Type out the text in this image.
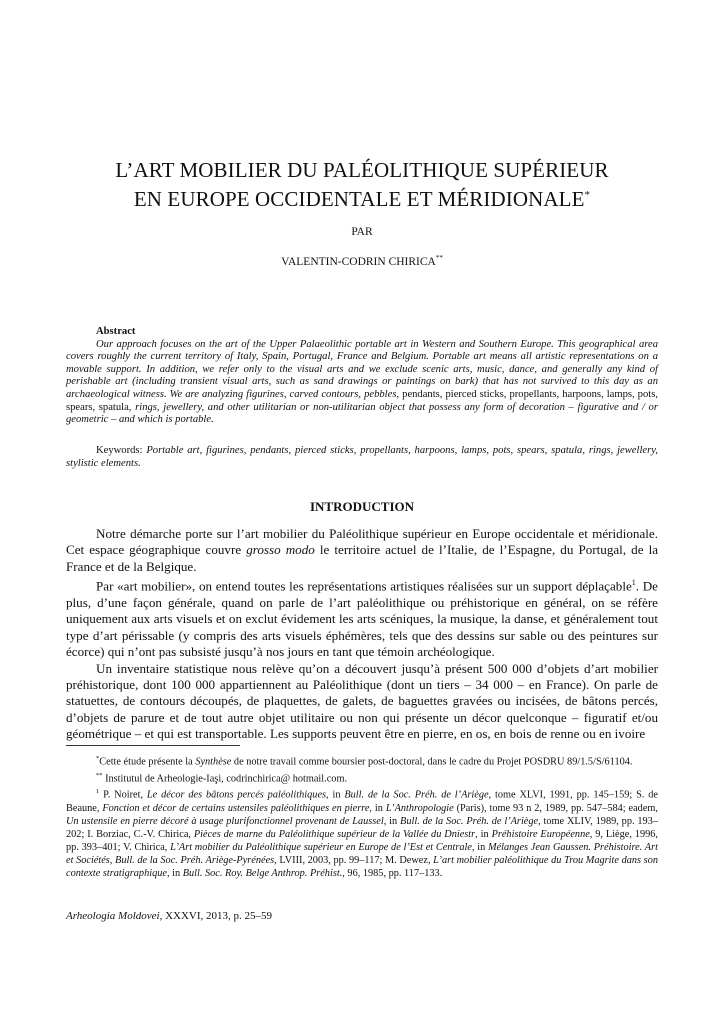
L’ART MOBILIER DU PALÉOLITHIQUE SUPÉRIEUR
EN EUROPE OCCIDENTALE ET MÉRIDIONALE*
PAR
VALENTIN-CODRIN CHIRICA**
Abstract

Our approach focuses on the art of the Upper Palaeolithic portable art in Western and Southern Europe. This geographical area covers roughly the current territory of Italy, Spain, Portugal, France and Belgium. Portable art means all artistic representations on a movable support. In addition, we refer only to the visual arts and we exclude scenic arts, music, dance, and generally any kind of perishable art (including transient visual arts, such as sand drawings or paintings on bark) that has not survived to this day as an archaeological witness. We are analyzing figurines, carved contours, pebbles, pendants, pierced sticks, propellants, harpoons, lamps, pots, spears, spatula, rings, jewellery, and other utilitarian or non-utilitarian object that possess any form of decoration – figurative and / or geometric – and which is portable.

Keywords: Portable art, figurines, pendants, pierced sticks, propellants, harpoons, lamps, pots, spears, spatula, rings, jewellery, stylistic elements.

INTRODUCTION

Notre démarche porte sur l’art mobilier du Paléolithique supérieur en Europe occidentale et méridionale. Cet espace géographique couvre grosso modo le territoire actuel de l’Italie, de l’Espagne, du Portugal, de la France et de la Belgique.

Par «art mobilier», on entend toutes les représentations artistiques réalisées sur un support déplaçable$^1$. De plus, d’une façon générale, quand on parle de l’art paléolithique ou préhistorique en général, on se réfère uniquement aux arts visuels et on exclut évidement les arts scéniques, la musique, la danse, et généralement tout type d’art périssable (y compris des arts visuels éphémères, tels que des dessins sur sable ou des peintures sur écorce) qui n’ont pas subsisté jusqu’à nos jours en tant que témoin archéologique.

Un inventaire statistique nous relève qu’on a découvert jusqu’à présent 500 000 d’objets d’art mobilier préhistorique, dont 100 000 appartiennent au Paléolithique (dont un tiers – 34 000 – en France). On parle de statuettes, de contours découpés, de plaquettes, de galets, de baguettes gravées ou incisées, de bâtons percés, d’objets de parure et de tout autre objet utilitaire ou non qui présente un décor quelconque – figuratif et/ou géométrique – et qui est transportable. Les supports peuvent être en pierre, en os, en bois de renne ou en ivoire

*Cette étude présente la Synthèse de notre travail comme boursier post-doctoral, dans le cadre du Projet POSDRU 89/1.5/S/61104.

** Institutul de Arheologie-Iaşi, codrinchirica@ hotmail.com.

$^1$ P. Noiret, Le décor des bâtons percés paléolithiques, in Bull. de la Soc. Préh. de l’Ariège, tome XLVI, 1991, pp. 145–159; S. de Beaune, Fonction et décor de certains ustensiles paléolithiques en pierre, in L’Anthropologie (Paris), tome 93 n 2, 1989, pp. 547–584; eadem, Un ustensile en pierre décoré à usage plurifonctionnel provenant de Laussel, in Bull. de la Soc. Préh. de l’Ariège, tome XLIV, 1989, pp. 193–202; I. Borziac, C.-V. Chirica, Pièces de marne du Paléolithique supérieur de la Vallée du Dniestr, in Préhistoire Européenne, 9, Liège, 1996, pp. 393–401; V. Chirica, L’Art mobilier du Paléolithique supérieur en Europe de l’Est et Centrale, in Mélanges Jean Gaussen. Préhistoire. Art et Sociétés, Bull. de la Soc. Préh. Ariège-Pyrénées, LVIII, 2003, pp. 99–117; M. Dewez, L’art mobilier paléolithique du Trou Magrite dans son contexte stratigraphique, in Bull. Soc. Roy. Belge Anthrop. Préhist., 96, 1985, pp. 117–133.

Arheologia Moldovei, XXXVI, 2013, p. 25–59
